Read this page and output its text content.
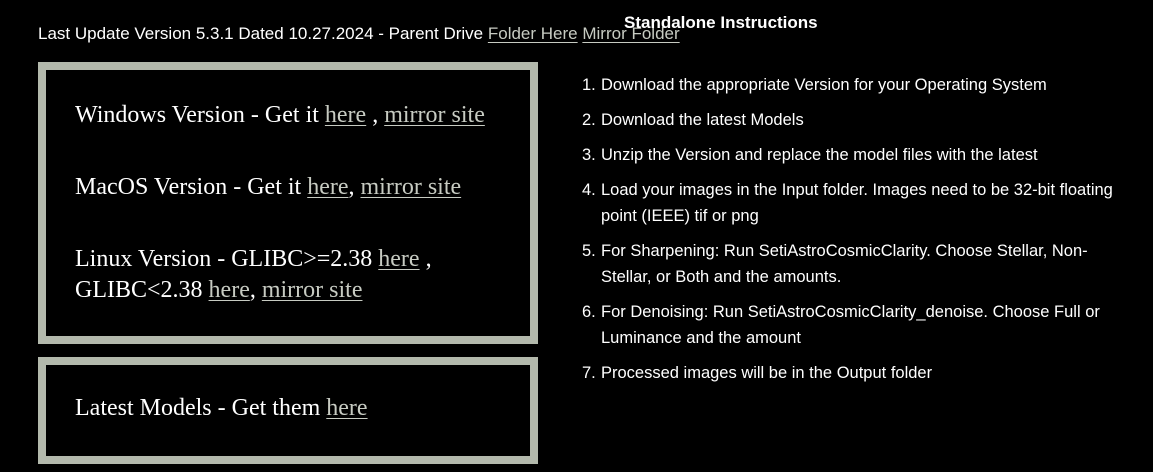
Last Update Version 5.3.1 Dated 10.27.2024 - Parent Drive Folder Here Mirror Folder
Standalone Instructions
Windows Version - Get it here , mirror site
MacOS Version - Get it here, mirror site
Linux Version - GLIBC>=2.38 here ,
GLIBC<2.38 here, mirror site
Latest Models - Get them here
1. Download the appropriate Version for your Operating System
2. Download the latest Models
3. Unzip the Version and replace the model files with the latest
4. Load your images in the Input folder. Images need to be 32-bit floating point (IEEE) tif or png
5. For Sharpening: Run SetiAstroCosmicClarity. Choose Stellar, Non-Stellar, or Both and the amounts.
6. For Denoising: Run SetiAstroCosmicClarity_denoise. Choose Full or Luminance and the amount
7. Processed images will be in the Output folder
